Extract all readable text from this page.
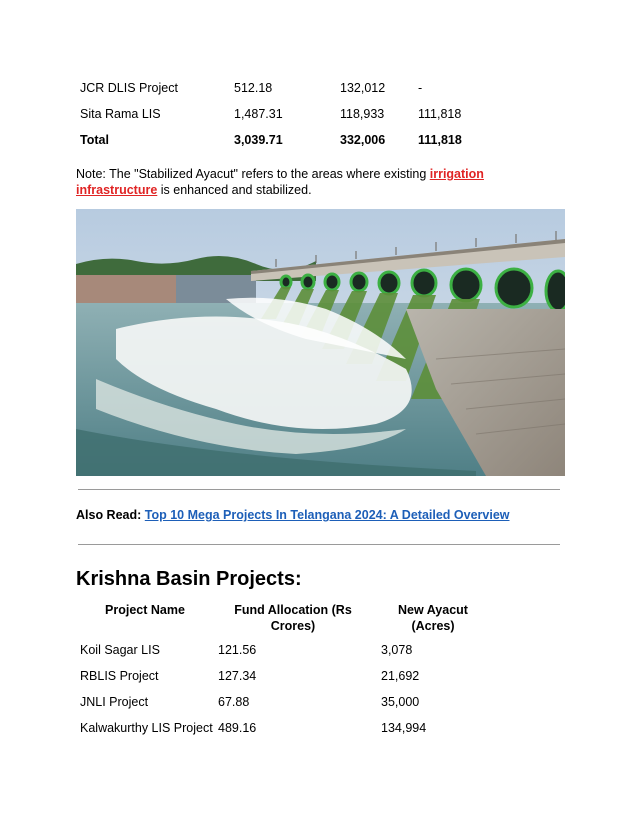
JCR DLIS Project	512.18	132,012	-
Sita Rama LIS	1,487.31	118,933	111,818
Total	3,039.71	332,006	111,818
Note: The "Stabilized Ayacut" refers to the areas where existing irrigation infrastructure is enhanced and stabilized.
Also Read: Top 10 Mega Projects In Telangana 2024: A Detailed Overview
Krishna Basin Projects:
Project Name	Fund Allocation (Rs
Crores)
New Ayacut
(Acres)
Koil Sagar LIS	121.56	3,078
RBLIS Project	127.34	21,692
JNLI Project	67.88	35,000
Kalwakurthy LIS Project 489.16	134,994
